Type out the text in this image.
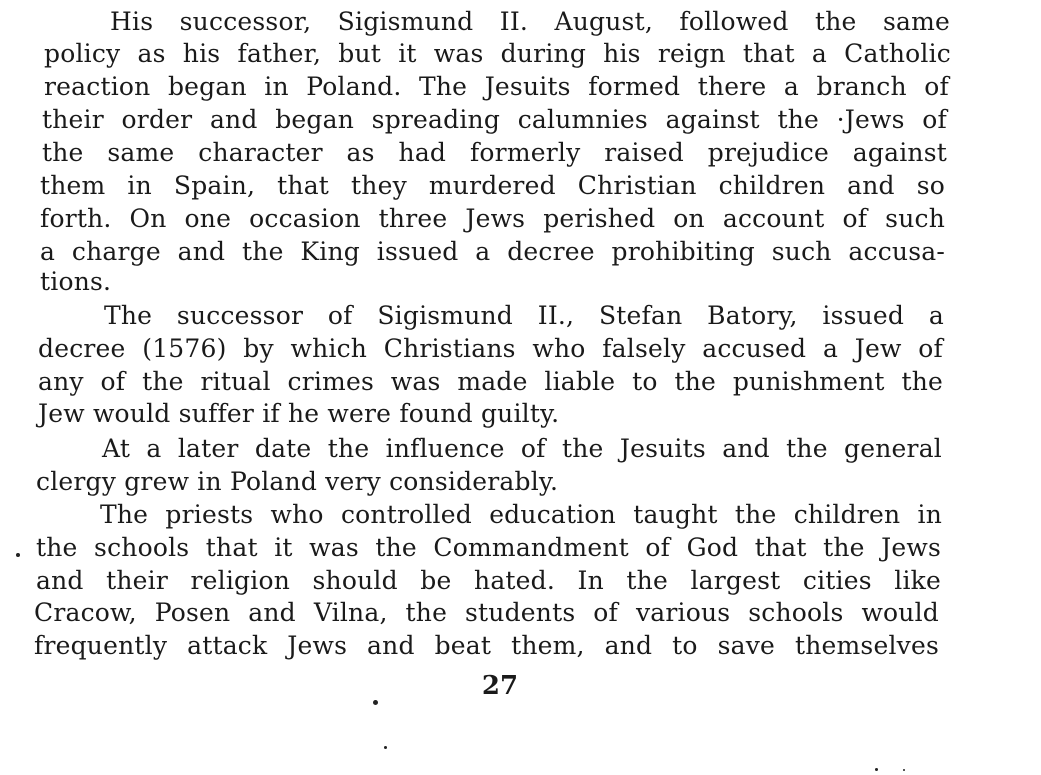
His successor, Sigismund II. August, followed the same
policy as his father, but it was during his reign that a Catholic
reaction began in Poland. The Jesuits formed there a branch of
their order and began spreading calumnies against the ·Jews of
the same character as had formerly raised prejudice against
them in Spain, that they murdered Christian children and so
forth. On one occasion three Jews perished on account of such
a charge and the King issued a decree prohibiting such accusa-
tions.
The successor of Sigismund II., Stefan Batory, issued a
decree (1576) by which Christians who falsely accused a Jew of
any of the ritual crimes was made liable to the punishment the
Jew would suffer if he were found guilty.
At a later date the influence of the Jesuits and the general
clergy grew in Poland very considerably.
The priests who controlled education taught the children in
the schools that it was the Commandment of God that the Jews
and their religion should be hated. In the largest cities like
Cracow, Posen and Vilna, the students of various schools would
frequently attack Jews and beat them, and to save themselves
27
